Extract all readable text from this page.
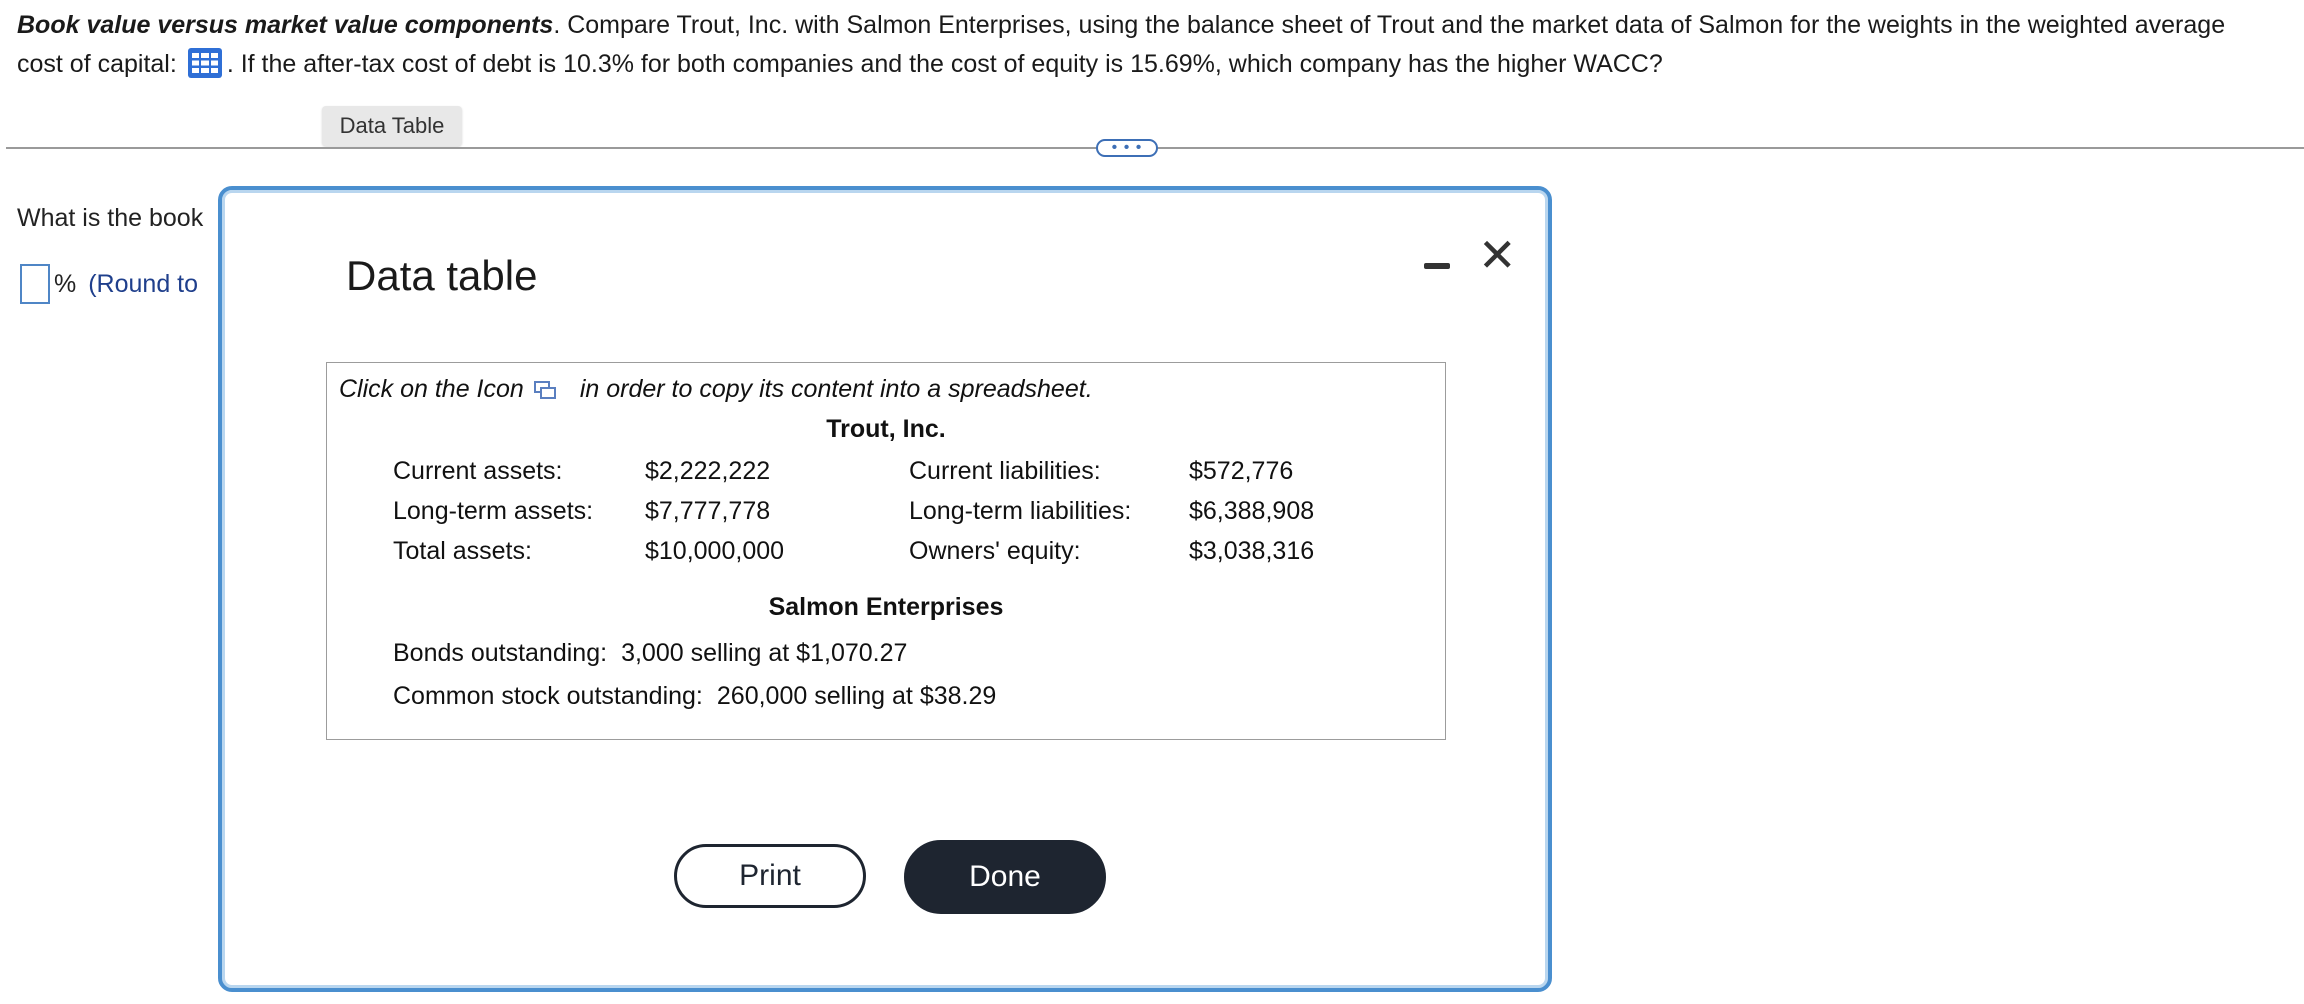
Book value versus market value components. Compare Trout, Inc. with Salmon Enterprises, using the balance sheet of Trout and the market data of Salmon for the weights in the weighted average cost of capital: . If the after-tax cost of debt is 10.3% for both companies and the cost of equity is 15.69%, which company has the higher WACC?
Data Table
• • •
What is the book
% (Round to	Data table	✕
Click on the Icon in order to copy its content into a spreadsheet.
Trout, Inc.
Current assets:	$2,222,222	Current liabilities:	$572,776
Long-term assets:	$7,777,778	Long-term liabilities:	$6,388,908
Total assets:	$10,000,000	Owners' equity:	$3,038,316
Salmon Enterprises
Bonds outstanding: 3,000 selling at $1,070.27
Common stock outstanding: 260,000 selling at $38.29
Print	Done
